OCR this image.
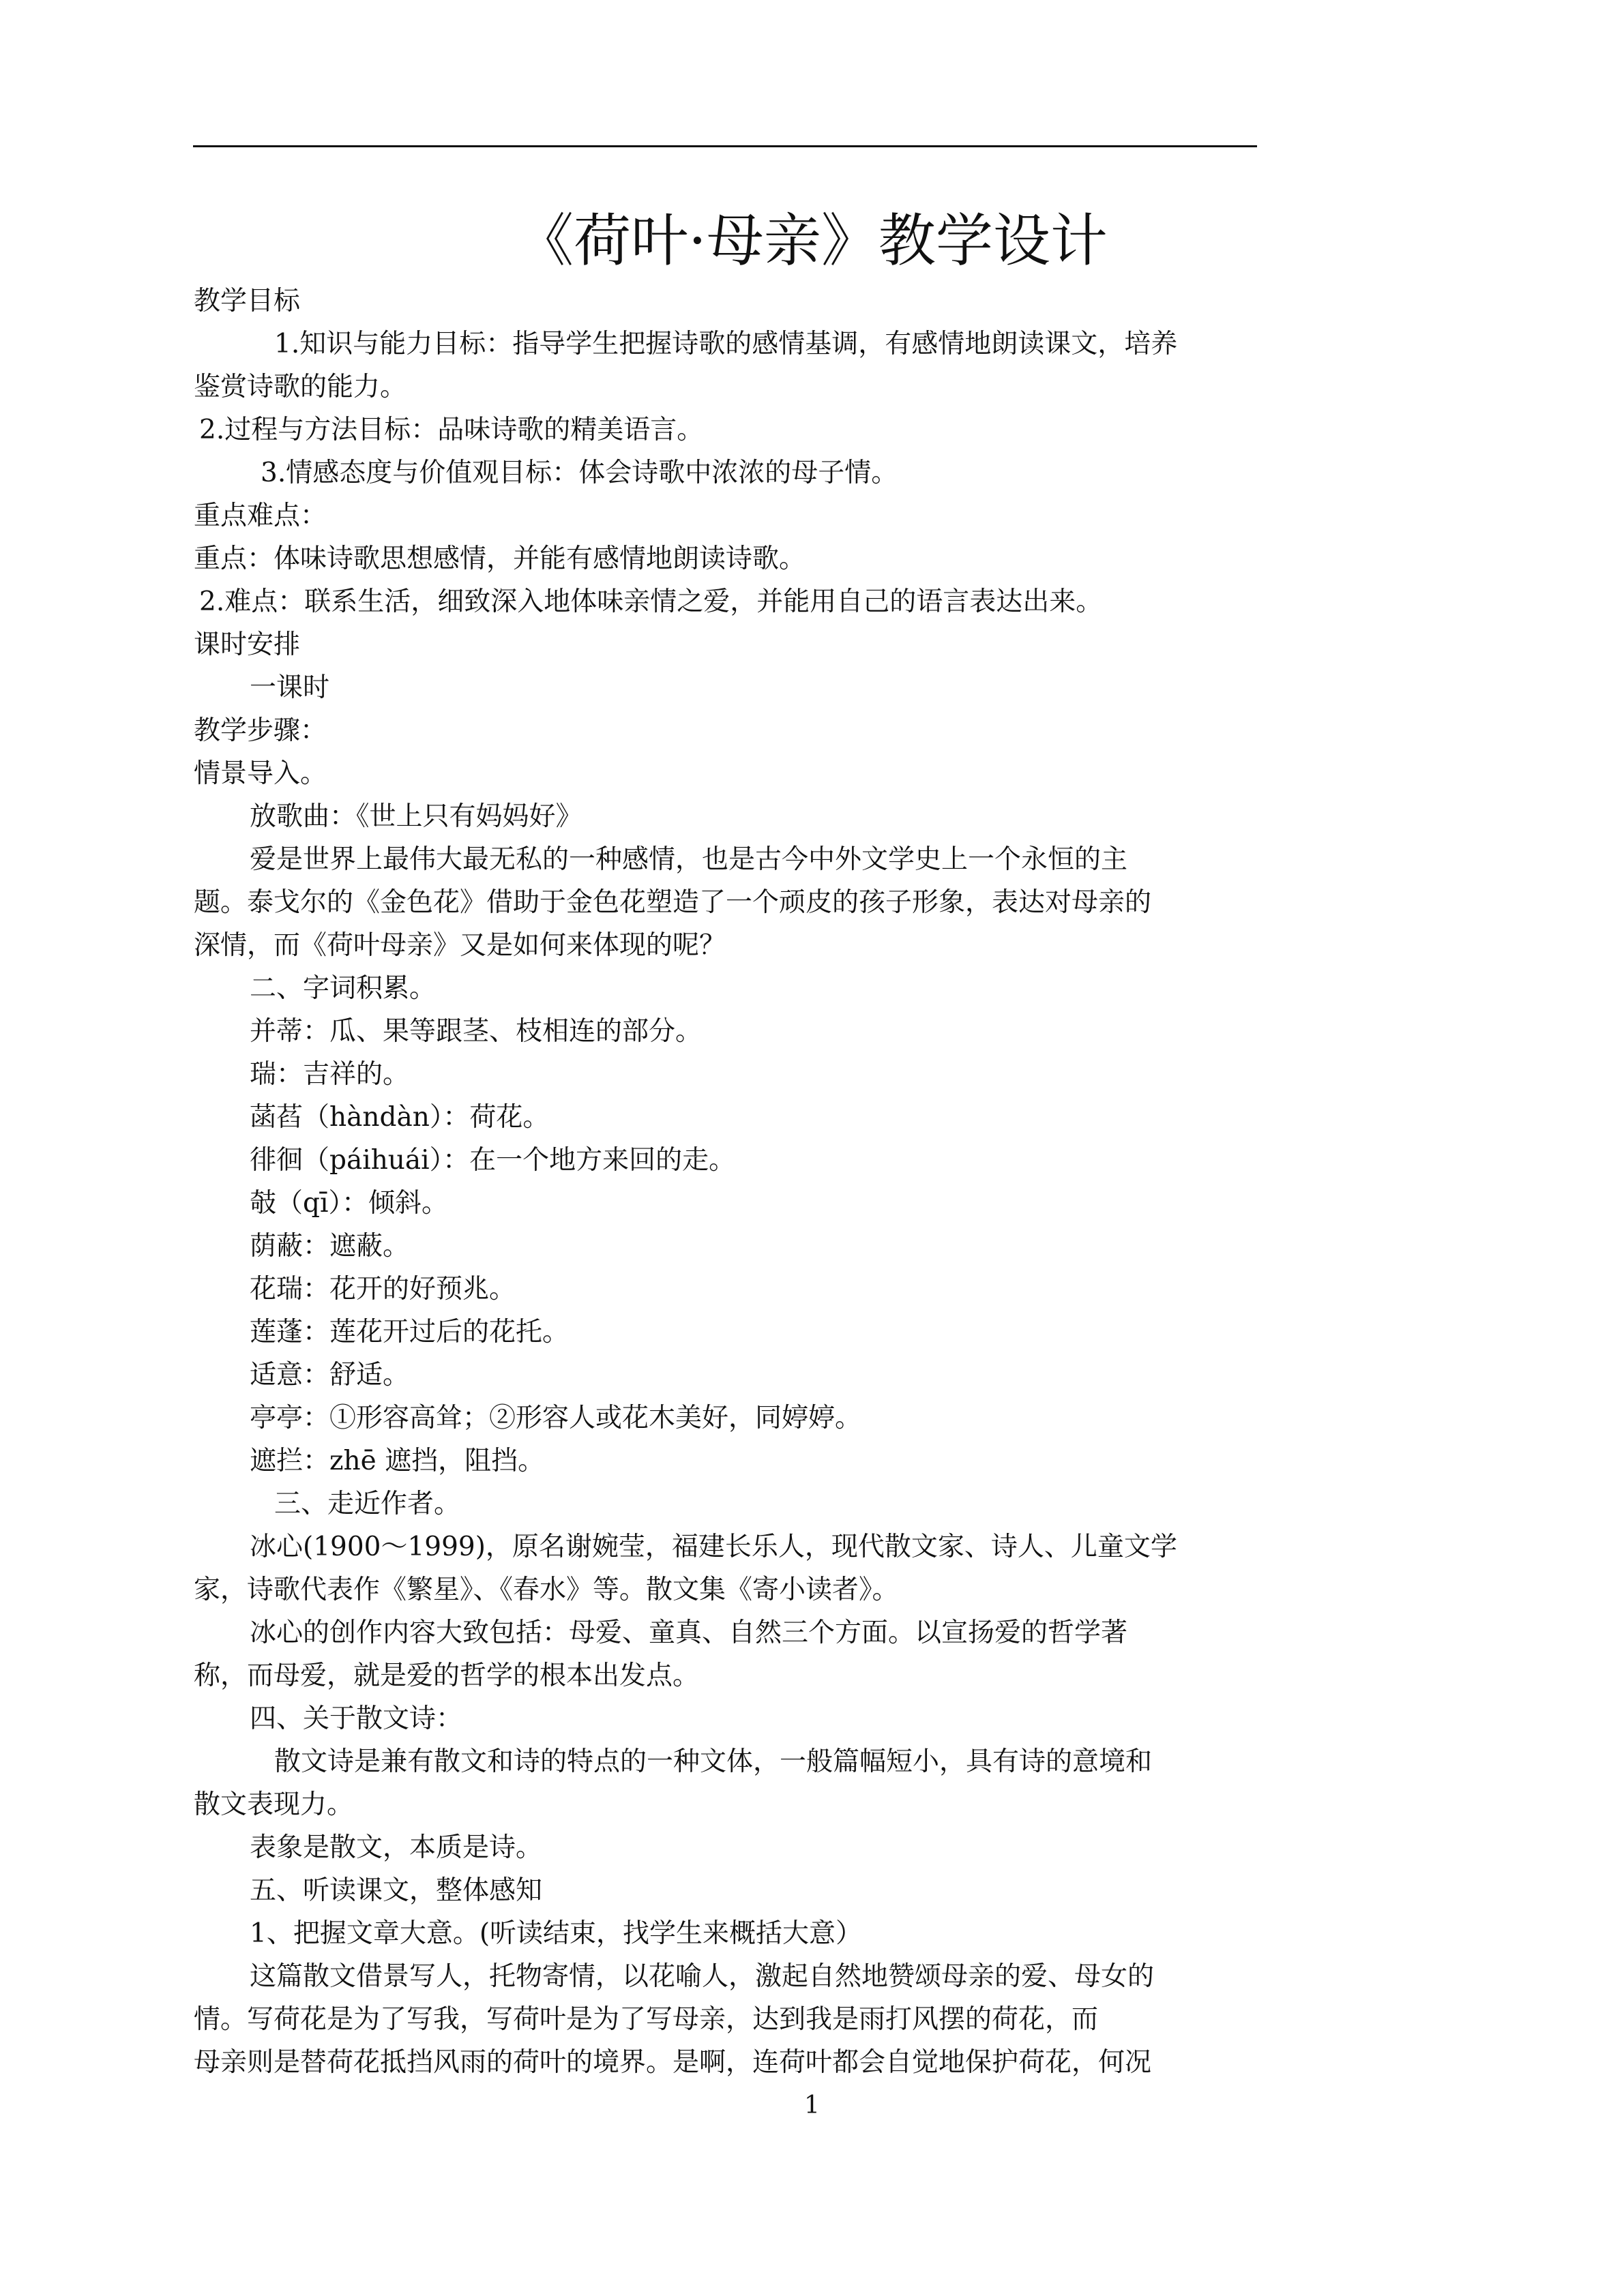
《荷叶·母亲》教学设计

教学目标

1.知识与能力目标：指导学生把握诗歌的感情基调，有感情地朗读课文，培养

鉴赏诗歌的能力。

2.过程与方法目标：品味诗歌的精美语言。

3.情感态度与价值观目标：体会诗歌中浓浓的母子情。

重点难点：

重点：体味诗歌思想感情，并能有感情地朗读诗歌。

2.难点：联系生活，细致深入地体味亲情之爱，并能用自己的语言表达出来。

课时安排

一课时

教学步骤：

情景导入。

放歌曲：《世上只有妈妈好》

爱是世界上最伟大最无私的一种感情，也是古今中外文学史上一个永恒的主

题。泰戈尔的《金色花》借助于金色花塑造了一个顽皮的孩子形象，表达对母亲的

深情，而《荷叶母亲》又是如何来体现的呢？

二、字词积累。

并蒂：瓜、果等跟茎、枝相连的部分。

瑞：吉祥的。

菡萏（hàndàn）：荷花。

徘徊（páihuái）：在一个地方来回的走。

攲（qī）：倾斜。

荫蔽：遮蔽。

花瑞：花开的好预兆。

莲蓬：莲花开过后的花托。

适意：舒适。

亭亭：①形容高耸；②形容人或花木美好，同婷婷。

遮拦：zhē 遮挡，阻挡。

三、走近作者。

冰心(1900～1999)，原名谢婉莹，福建长乐人，现代散文家、诗人、儿童文学

家，诗歌代表作《繁星》、《春水》等。散文集《寄小读者》。

冰心的创作内容大致包括：母爱、童真、自然三个方面。以宣扬爱的哲学著

称，而母爱，就是爱的哲学的根本出发点。

四、关于散文诗：

散文诗是兼有散文和诗的特点的一种文体，一般篇幅短小，具有诗的意境和

散文表现力。

表象是散文，本质是诗。

五、听读课文，整体感知

1、把握文章大意。(听读结束，找学生来概括大意）

这篇散文借景写人，托物寄情，以花喻人，激起自然地赞颂母亲的爱、母女的

情。写荷花是为了写我，写荷叶是为了写母亲，达到我是雨打风摆的荷花，而

母亲则是替荷花抵挡风雨的荷叶的境界。是啊，连荷叶都会自觉地保护荷花，何况

1
